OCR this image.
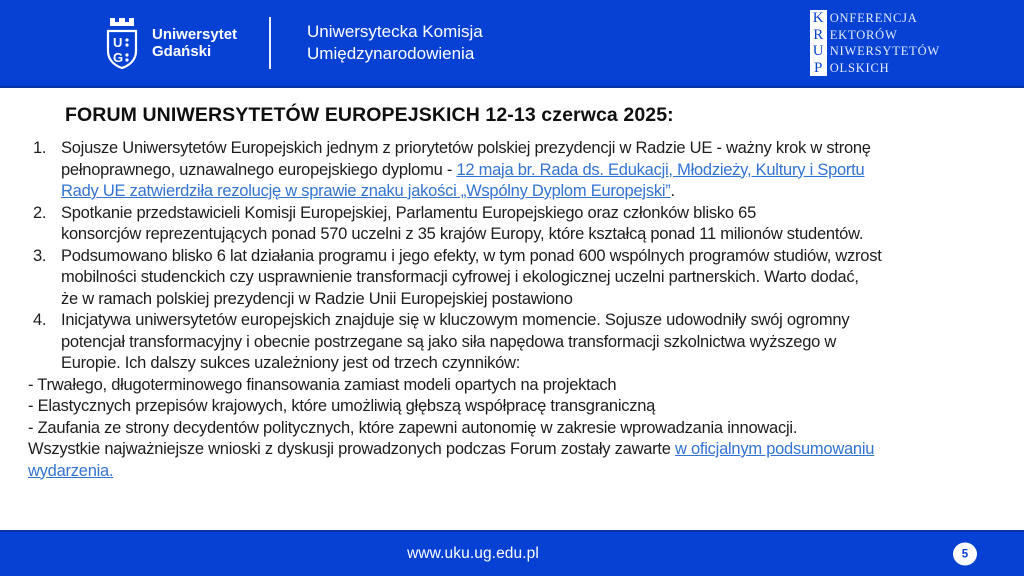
U
G
Uniwersytet
Gdański
Uniwersytecka Komisja
Umiędzynarodowienia
K ONFERENCJA
R EKTORÓW
U NIWERSYTETÓW
P OLSKICH
FORUM UNIWERSYTETÓW EUROPEJSKICH 12-13 czerwca 2025:
1. Sojusze Uniwersytetów Europejskich jednym z priorytetów polskiej prezydencji w Radzie UE - ważny krok w stronę
pełnoprawnego, uznawalnego europejskiego dyplomu - 12 maja br. Rada ds. Edukacji, Młodzieży, Kultury i Sportu
Rady UE zatwierdziła rezolucję w sprawie znaku jakości „Wspólny Dyplom Europejski”.
2. Spotkanie przedstawicieli Komisji Europejskiej, Parlamentu Europejskiego oraz członków blisko 65
konsorcjów reprezentujących ponad 570 uczelni z 35 krajów Europy, które kształcą ponad 11 milionów studentów.
3. Podsumowano blisko 6 lat działania programu i jego efekty, w tym ponad 600 wspólnych programów studiów, wzrost
mobilności studenckich czy usprawnienie transformacji cyfrowej i ekologicznej uczelni partnerskich. Warto dodać,
że w ramach polskiej prezydencji w Radzie Unii Europejskiej postawiono
4. Inicjatywa uniwersytetów europejskich znajduje się w kluczowym momencie. Sojusze udowodniły swój ogromny
potencjał transformacyjny i obecnie postrzegane są jako siła napędowa transformacji szkolnictwa wyższego w
Europie. Ich dalszy sukces uzależniony jest od trzech czynników:
- Trwałego, długoterminowego finansowania zamiast modeli opartych na projektach
- Elastycznych przepisów krajowych, które umożliwią głębszą współpracę transgraniczną
- Zaufania ze strony decydentów politycznych, które zapewni autonomię w zakresie wprowadzania innowacji.

Wszystkie najważniejsze wnioski z dyskusji prowadzonych podczas Forum zostały zawarte w oficjalnym podsumowaniu
wydarzenia.

www.uku.ug.edu.pl	5
